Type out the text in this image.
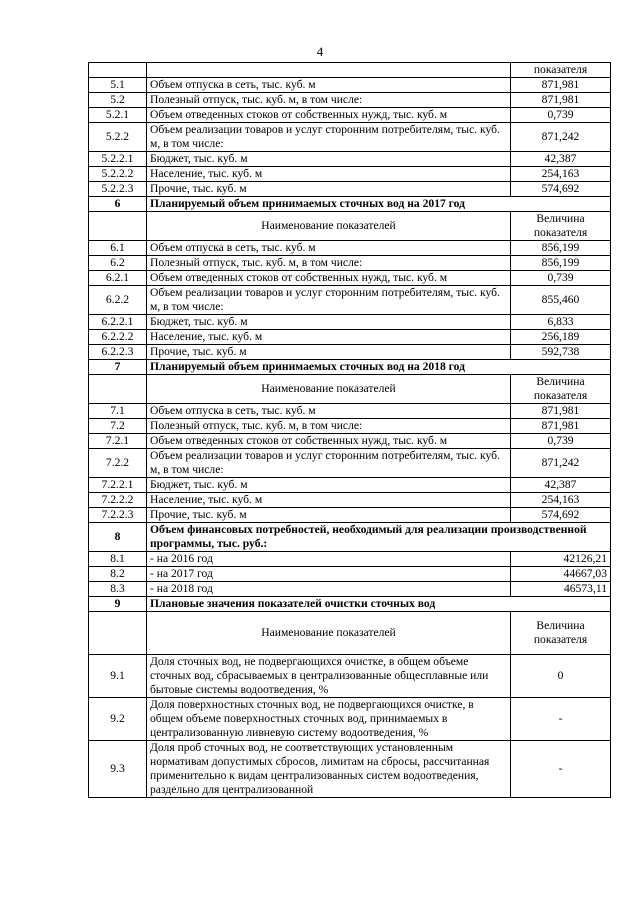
4
		показателя
5.1	Объем отпуска в сеть, тыс. куб. м	871,981
5.2	Полезный отпуск, тыс. куб. м, в том числе:	871,981
5.2.1	Объем отведенных стоков от собственных нужд, тыс. куб. м	0,739
5.2.2	Объем реализации товаров и услуг сторонним потребителям, тыс. куб. м, в том числе:	871,242
5.2.2.1	Бюджет, тыс. куб. м	42,387
5.2.2.2	Население, тыс. куб. м	254,163
5.2.2.3	Прочие, тыс. куб. м	574,692
6	Планируемый объем принимаемых сточных вод на 2017 год	
	Наименование показателей	Величина показателя
6.1	Объем отпуска в сеть, тыс. куб. м	856,199
6.2	Полезный отпуск, тыс. куб. м, в том числе:	856,199
6.2.1	Объем отведенных стоков от собственных нужд, тыс. куб. м	0,739
6.2.2	Объем реализации товаров и услуг сторонним потребителям, тыс. куб. м, в том числе:	855,460
6.2.2.1	Бюджет, тыс. куб. м	6,833
6.2.2.2	Население, тыс. куб. м	256,189
6.2.2.3	Прочие, тыс. куб. м	592,738
7	Планируемый объем принимаемых сточных вод на 2018 год	
	Наименование показателей	Величина показателя
7.1	Объем отпуска в сеть, тыс. куб. м	871,981
7.2	Полезный отпуск, тыс. куб. м, в том числе:	871,981
7.2.1	Объем отведенных стоков от собственных нужд, тыс. куб. м	0,739
7.2.2	Объем реализации товаров и услуг сторонним потребителям, тыс. куб. м, в том числе:	871,242
7.2.2.1	Бюджет, тыс. куб. м	42,387
7.2.2.2	Население, тыс. куб. м	254,163
7.2.2.3	Прочие, тыс. куб. м	574,692
8	Объем финансовых потребностей, необходимый для реализации производственной программы, тыс. руб.:	
8.1	- на 2016 год	42126,21
8.2	- на 2017 год	44667,03
8.3	- на 2018 год	46573,11
9	Плановые значения показателей очистки сточных вод	
	Наименование показателей	Величина показателя
9.1	Доля сточных вод, не подвергающихся очистке, в общем объеме сточных вод, сбрасываемых в централизованные общесплавные или бытовые системы водоотведения, %	0
9.2	Доля поверхностных сточных вод, не подвергающихся очистке, в общем объеме поверхностных сточных вод, принимаемых в централизованную ливневую систему водоотведения, %	-
9.3	Доля проб сточных вод, не соответствующих установленным нормативам допустимых сбросов, лимитам на сбросы, рассчитанная применительно к видам централизованных систем водоотведения, раздельно для централизованной	-
